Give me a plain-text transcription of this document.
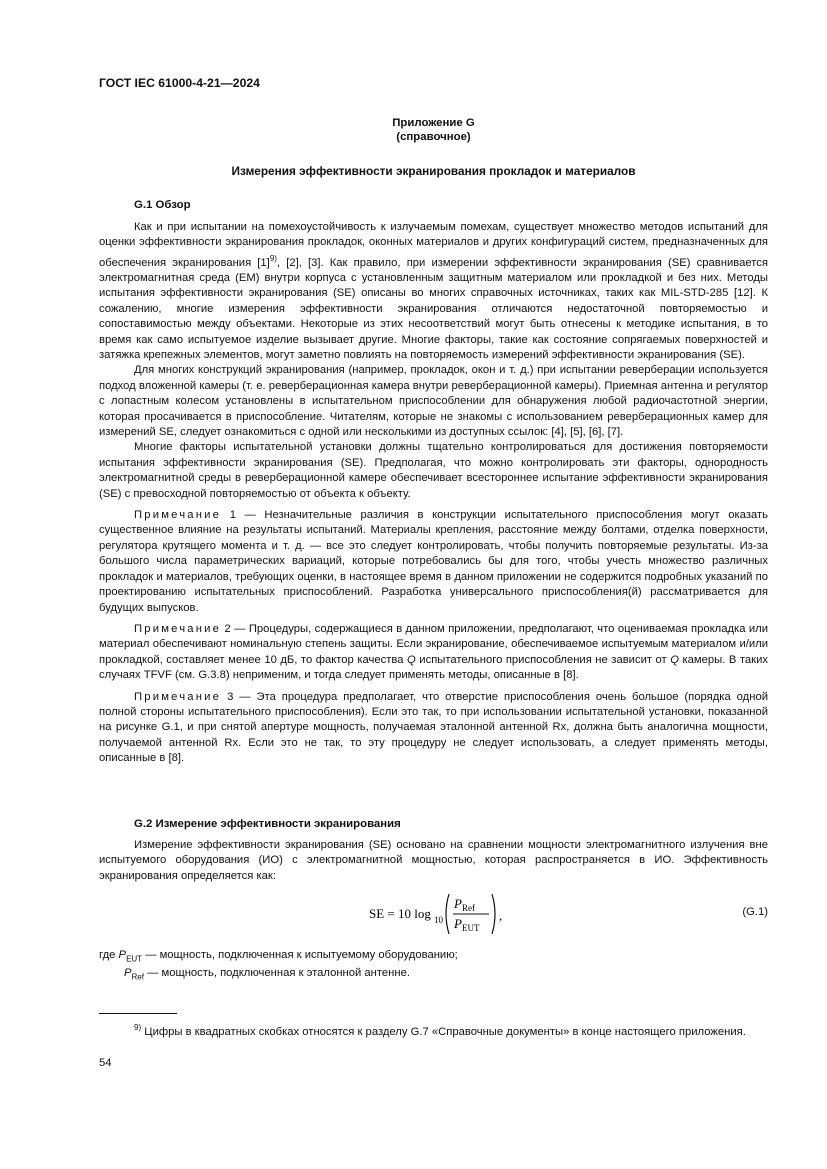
ГОСТ IEC 61000-4-21—2024
Приложение G
(справочное)
Измерения эффективности экранирования прокладок и материалов
G.1 Обзор

Как и при испытании на помехоустойчивость к излучаемым помехам, существует множество методов испытаний для оценки эффективности экранирования прокладок, оконных материалов и других конфигураций систем, предназначенных для обеспечения экранирования $[1]^{9)}$, [2], [3]. Как правило, при измерении эффективности экранирования (SE) сравнивается электромагнитная среда (ЕМ) внутри корпуса с установленным защитным материалом или прокладкой и без них. Методы испытания эффективности экранирования (SE) описаны во многих справочных источниках, таких как MIL-STD-285 [12]. К сожалению, многие измерения эффективности экранирования отличаются недостаточной повторяемостью и сопоставимостью между объектами. Некоторые из этих несоответствий могут быть отнесены к методике испытания, в то время как само испытуемое изделие вызывает другие. Многие факторы, такие как состояние сопрягаемых поверхностей и затяжка крепежных элементов, могут заметно повлиять на повторяемость измерений эффективности экранирования (SE).

Для многих конструкций экранирования (например, прокладок, окон и т. д.) при испытании реверберации используется подход вложенной камеры (т. е. реверберационная камера внутри реверберационной камеры). Приемная антенна и регулятор с лопастным колесом установлены в испытательном приспособлении для обнаружения любой радиочастотной энергии, которая просачивается в приспособление. Читателям, которые не знакомы с использованием реверберационных камер для измерений SE, следует ознакомиться с одной или несколькими из доступных ссылок: [4], [5], [6], [7].

Многие факторы испытательной установки должны тщательно контролироваться для достижения повторяемости испытания эффективности экранирования (SE). Предполагая, что можно контролировать эти факторы, однородность электромагнитной среды в реверберационной камере обеспечивает всестороннее испытание эффективности экранирования (SE) с превосходной повторяемостью от объекта к объекту.

Примечание 1 — Незначительные различия в конструкции испытательного приспособления могут оказать существенное влияние на результаты испытаний. Материалы крепления, расстояние между болтами, отделка поверхности, регулятора крутящего момента и т. д. — все это следует контролировать, чтобы получить повторяемые результаты. Из-за большого числа параметрических вариаций, которые потребовались бы для того, чтобы учесть множество различных прокладок и материалов, требующих оценки, в настоящее время в данном приложении не содержится подробных указаний по проектированию испытательных приспособлений. Разработка универсального приспособления(й) рассматривается для будущих выпусков.

Примечание 2 — Процедуры, содержащиеся в данном приложении, предполагают, что оцениваемая прокладка или материал обеспечивают номинальную степень защиты. Если экранирование, обеспечиваемое испытуемым материалом и/или прокладкой, составляет менее 10 дБ, то фактор качества Q испытательного приспособления не зависит от Q камеры. В таких случаях TFVF (см. G.3.8) неприменим, и тогда следует применять методы, описанные в [8].

Примечание 3 — Эта процедура предполагает, что отверстие приспособления очень большое (порядка одной полной стороны испытательного приспособления). Если это так, то при использовании испытательной установки, показанной на рисунке G.1, и при снятой апертуре мощность, получаемая эталонной антенной Rx, должна быть аналогична мощности, получаемой антенной Rx. Если это не так, то эту процедуру не следует использовать, а следует применять методы, описанные в [8].

G.2 Измерение эффективности экранирования

Измерение эффективности экранирования (SE) основано на сравнении мощности электромагнитного излучения вне испытуемого оборудования (ИО) с электромагнитной мощностью, которая распространяется в ИО. Эффективность экранирования определяется как:

SE = 10 log 10
P Ref
P EUT
,	(G.1)
где $P_{EUT}$ — мощность, подключенная к испытуемому оборудованию;
$P_{Ref}$ — мощность, подключенная к эталонной антенне.

$^{9)}$ Цифры в квадратных скобках относятся к разделу G.7 «Справочные документы» в конце настоящего приложения.

54
